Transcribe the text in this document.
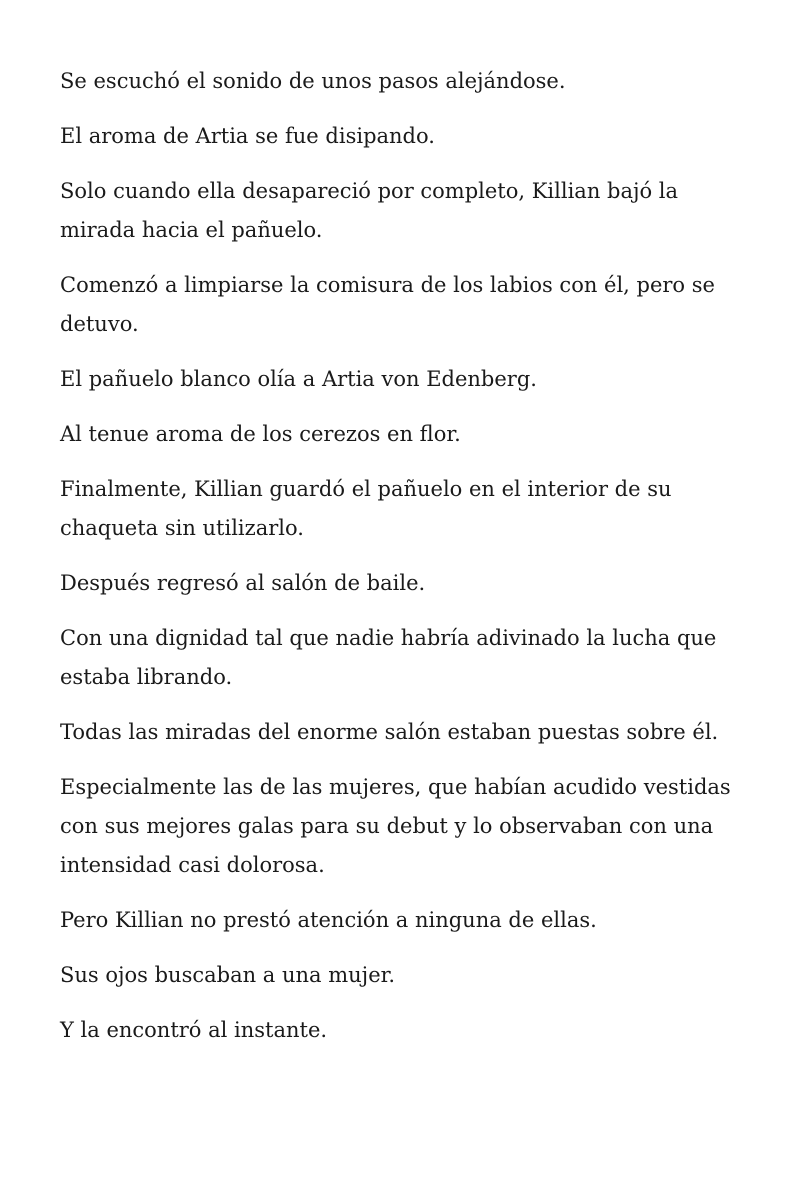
Se escuchó el sonido de unos pasos alejándose.

El aroma de Artia se fue disipando.

Solo cuando ella desapareció por completo, Killian bajó la mirada hacia el pañuelo.

Comenzó a limpiarse la comisura de los labios con él, pero se detuvo.

El pañuelo blanco olía a Artia von Edenberg.

Al tenue aroma de los cerezos en flor.

Finalmente, Killian guardó el pañuelo en el interior de su chaqueta sin utilizarlo.

Después regresó al salón de baile.

Con una dignidad tal que nadie habría adivinado la lucha que estaba librando.

Todas las miradas del enorme salón estaban puestas sobre él.

Especialmente las de las mujeres, que habían acudido vestidas con sus mejores galas para su debut y lo observaban con una intensidad casi dolorosa.

Pero Killian no prestó atención a ninguna de ellas.

Sus ojos buscaban a una mujer.

Y la encontró al instante.
